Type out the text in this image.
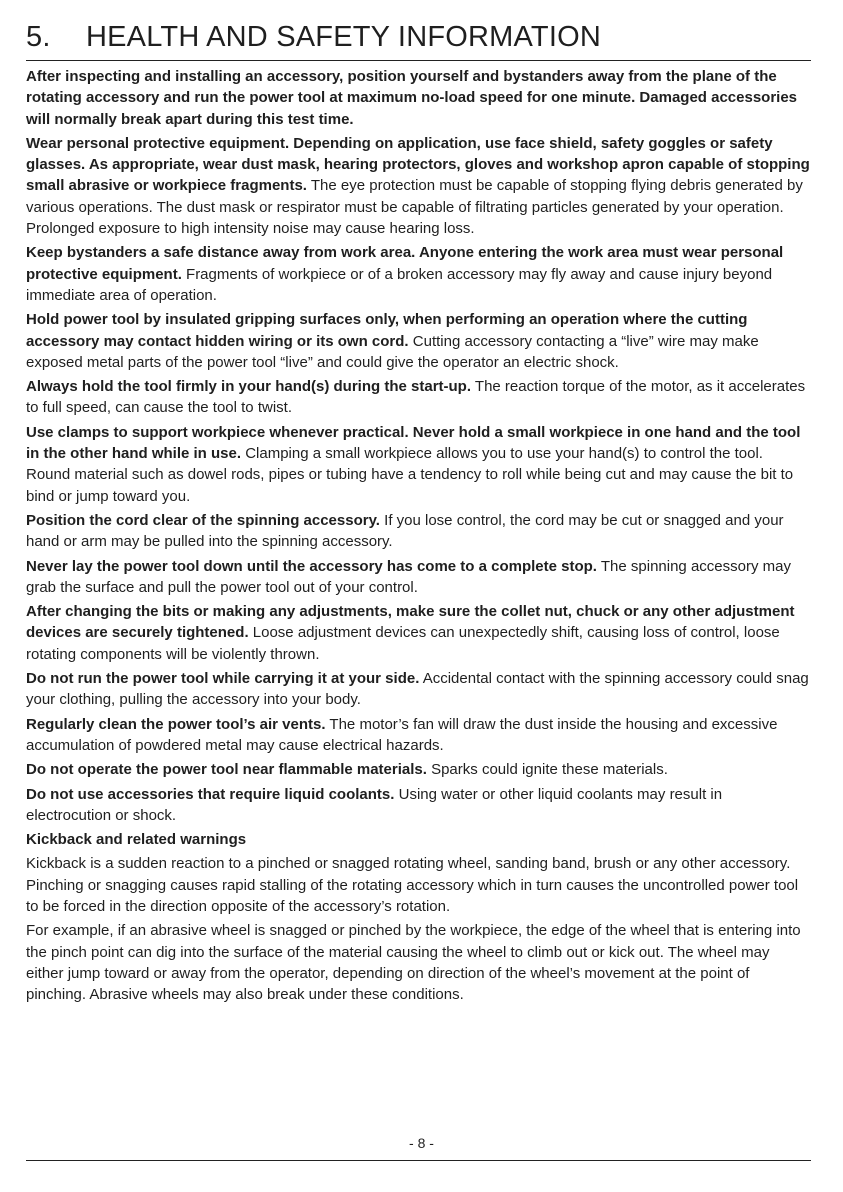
5. HEALTH AND SAFETY INFORMATION

After inspecting and installing an accessory, position yourself and bystanders away from the plane of the rotating accessory and run the power tool at maximum no-load speed for one minute. Damaged accessories will normally break apart during this test time.

Wear personal protective equipment. Depending on application, use face shield, safety goggles or safety glasses. As appropriate, wear dust mask, hearing protectors, gloves and workshop apron capable of stopping small abrasive or workpiece fragments. The eye protection must be capable of stopping flying debris generated by various operations. The dust mask or respirator must be capable of filtrating particles generated by your operation. Prolonged exposure to high intensity noise may cause hearing loss.

Keep bystanders a safe distance away from work area. Anyone entering the work area must wear personal protective equipment. Fragments of workpiece or of a broken accessory may fly away and cause injury beyond immediate area of operation.

Hold power tool by insulated gripping surfaces only, when performing an operation where the cutting accessory may contact hidden wiring or its own cord. Cutting accessory contacting a “live” wire may make exposed metal parts of the power tool “live” and could give the operator an electric shock.

Always hold the tool firmly in your hand(s) during the start-up. The reaction torque of the motor, as it accelerates to full speed, can cause the tool to twist.

Use clamps to support workpiece whenever practical. Never hold a small workpiece in one hand and the tool in the other hand while in use. Clamping a small workpiece allows you to use your hand(s) to control the tool. Round material such as dowel rods, pipes or tubing have a tendency to roll while being cut and may cause the bit to bind or jump toward you.

Position the cord clear of the spinning accessory. If you lose control, the cord may be cut or snagged and your hand or arm may be pulled into the spinning accessory.

Never lay the power tool down until the accessory has come to a complete stop. The spinning accessory may grab the surface and pull the power tool out of your control.

After changing the bits or making any adjustments, make sure the collet nut, chuck or any other adjustment devices are securely tightened. Loose adjustment devices can unexpectedly shift, causing loss of control, loose rotating components will be violently thrown.

Do not run the power tool while carrying it at your side. Accidental contact with the spinning accessory could snag your clothing, pulling the accessory into your body.

Regularly clean the power tool’s air vents. The motor’s fan will draw the dust inside the housing and excessive accumulation of powdered metal may cause electrical hazards.

Do not operate the power tool near flammable materials. Sparks could ignite these materials.

Do not use accessories that require liquid coolants. Using water or other liquid coolants may result in electrocution or shock.

Kickback and related warnings

Kickback is a sudden reaction to a pinched or snagged rotating wheel, sanding band, brush or any other accessory. Pinching or snagging causes rapid stalling of the rotating accessory which in turn causes the uncontrolled power tool to be forced in the direction opposite of the accessory’s rotation.

For example, if an abrasive wheel is snagged or pinched by the workpiece, the edge of the wheel that is entering into the pinch point can dig into the surface of the material causing the wheel to climb out or kick out. The wheel may either jump toward or away from the operator, depending on direction of the wheel’s movement at the point of pinching. Abrasive wheels may also break under these conditions.

- 8 -
